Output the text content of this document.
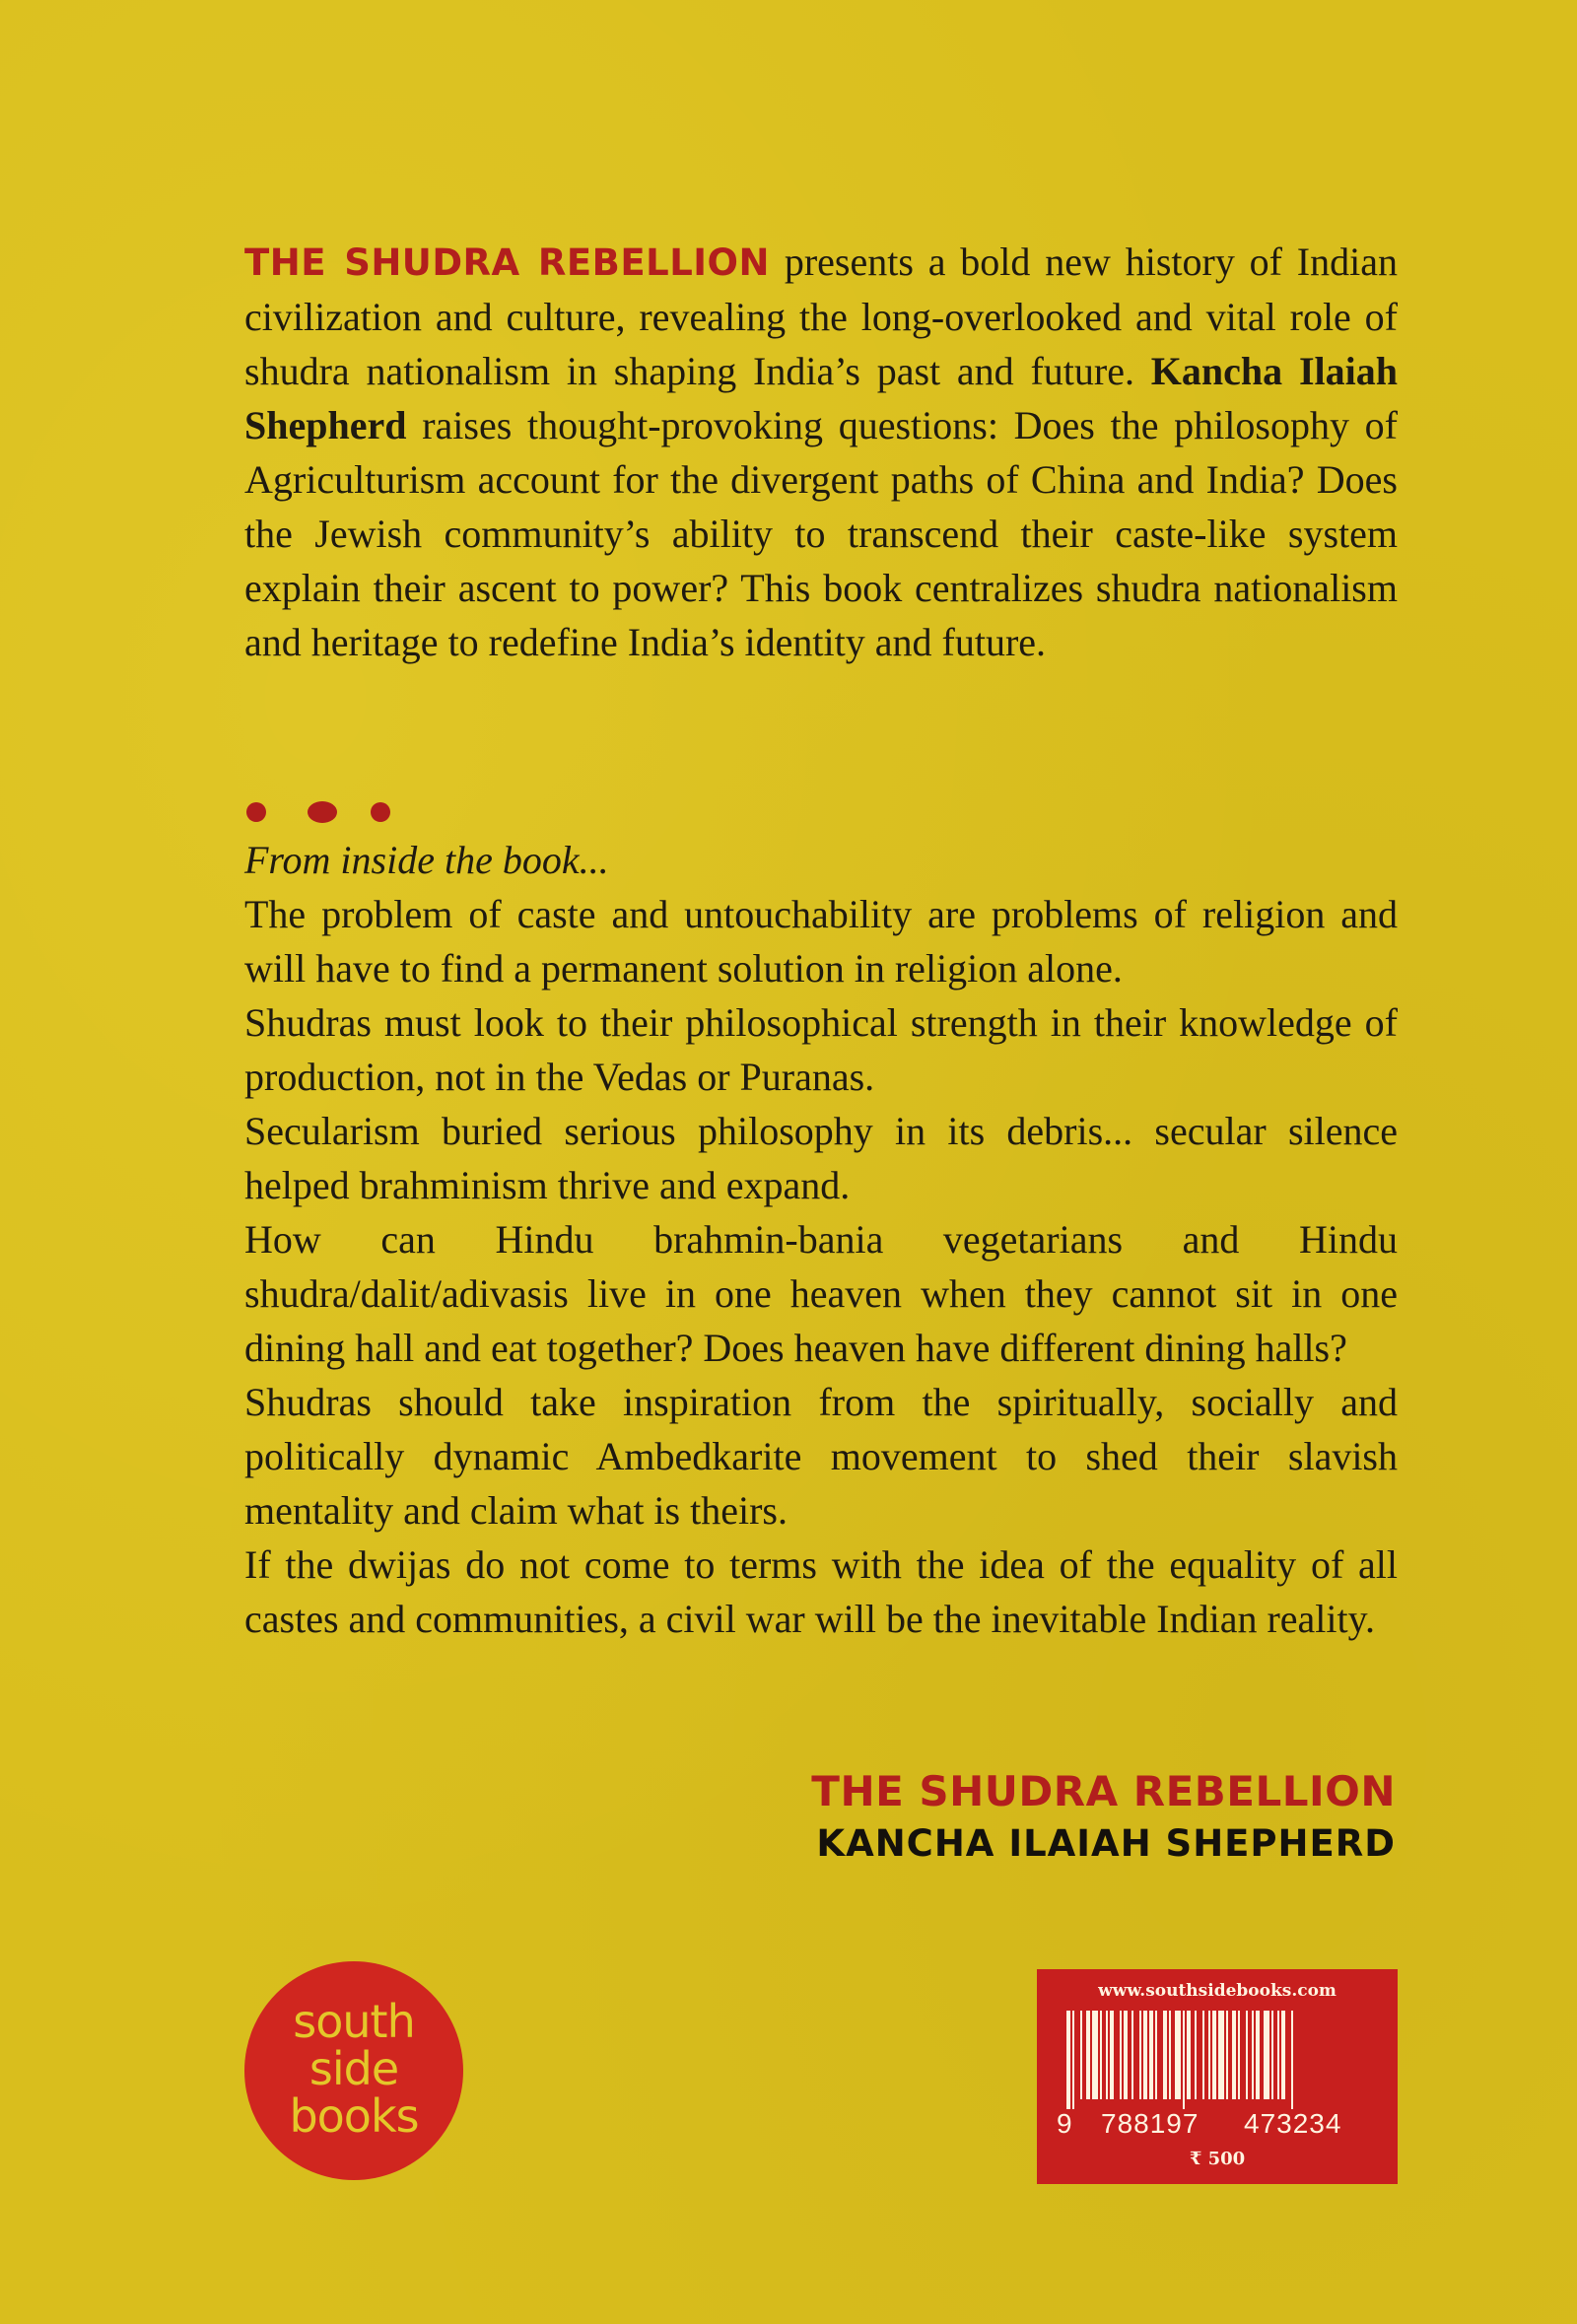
THE SHUDRA REBELLION presents a bold new history of Indian civilization and culture, revealing the long-overlooked and vital role of shudra nationalism in shaping India’s past and future. Kancha Ilaiah Shepherd raises thought-provoking questions: Does the philosophy of Agriculturism account for the divergent paths of China and India? Does the Jewish community’s ability to transcend their caste-like system explain their ascent to power? This book centralizes shudra nationalism and heritage to redefine India’s identity and future.

From inside the book...

The problem of caste and untouchability are problems of religion and will have to find a permanent solution in religion alone.

Shudras must look to their philosophical strength in their knowledge of production, not in the Vedas or Puranas.

Secularism buried serious philosophy in its debris... secular silence helped brahminism thrive and expand.

How can Hindu brahmin-bania vegetarians and Hindu shudra/dalit/adivasis live in one heaven when they cannot sit in one dining hall and eat together? Does heaven have different dining halls?

Shudras should take inspiration from the spiritually, socially and politically dynamic Ambedkarite movement to shed their slavish mentality and claim what is theirs.

If the dwijas do not come to terms with the idea of the equality of all castes and communities, a civil war will be the inevitable Indian reality.

THE SHUDRA REBELLION
KANCHA ILAIAH SHEPHERD
south
side
books
www.southsidebooks.com
9 788197 473234
₹ 500
